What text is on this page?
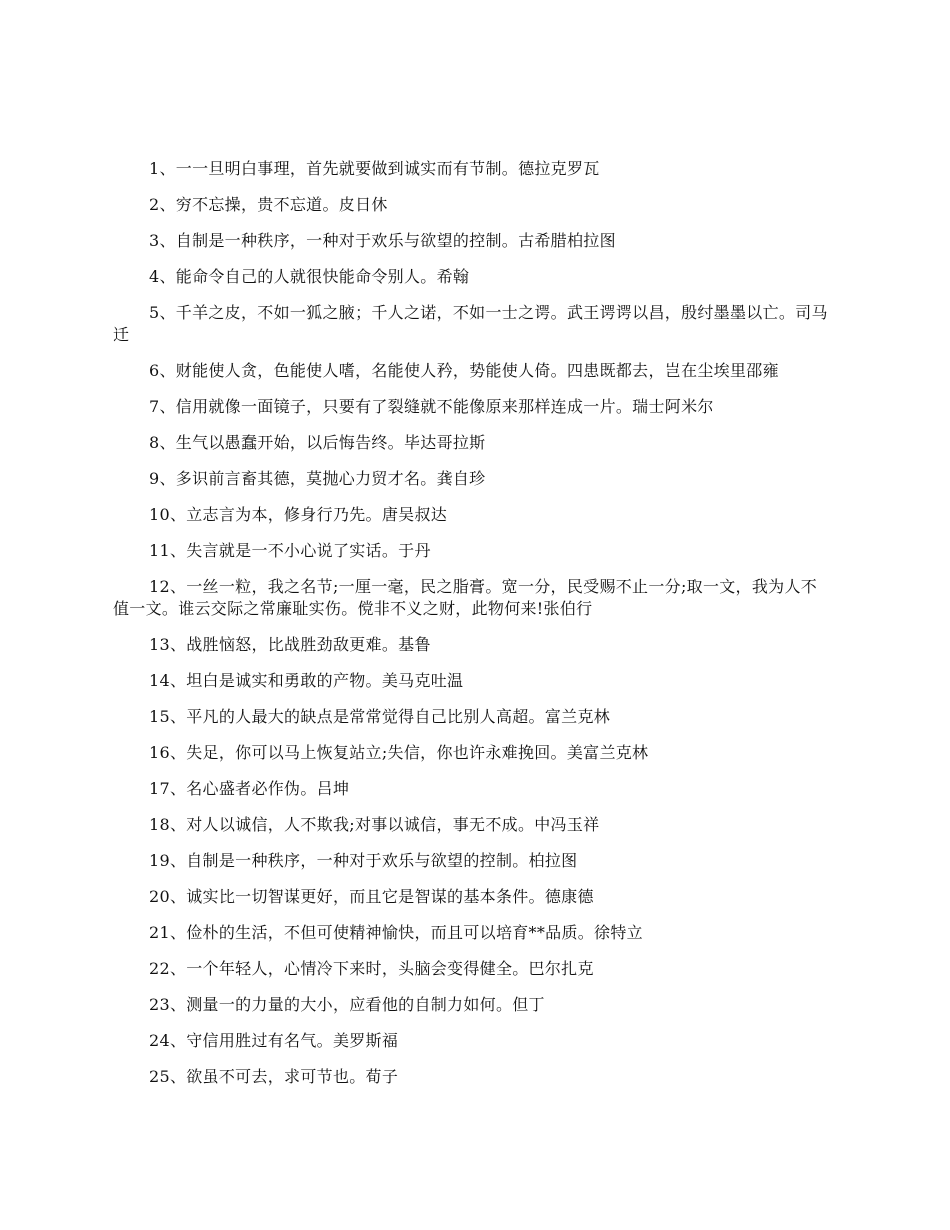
1、一一旦明白事理，首先就要做到诚实而有节制。德拉克罗瓦

2、穷不忘操，贵不忘道。皮日休

3、自制是一种秩序，一种对于欢乐与欲望的控制。古希腊柏拉图

4、能命令自己的人就很快能命令别人。希翰

5、千羊之皮，不如一狐之腋；千人之诺，不如一士之谔。武王谔谔以昌，殷纣墨墨以亡。司马迁

6、财能使人贪，色能使人嗜，名能使人矜，势能使人倚。四患既都去，岂在尘埃里邵雍

7、信用就像一面镜子，只要有了裂缝就不能像原来那样连成一片。瑞士阿米尔

8、生气以愚蠢开始，以后悔告终。毕达哥拉斯

9、多识前言畜其德，莫抛心力贸才名。龚自珍

10、立志言为本，修身行乃先。唐吴叔达

11、失言就是一不小心说了实话。于丹

12、一丝一粒，我之名节;一厘一毫，民之脂膏。宽一分，民受赐不止一分;取一文，我为人不值一文。谁云交际之常廉耻实伤。傥非不义之财，此物何来!张伯行

13、战胜恼怒，比战胜劲敌更难。基鲁

14、坦白是诚实和勇敢的产物。美马克吐温

15、平凡的人最大的缺点是常常觉得自己比别人高超。富兰克林

16、失足，你可以马上恢复站立;失信，你也许永难挽回。美富兰克林

17、名心盛者必作伪。吕坤

18、对人以诚信，人不欺我;对事以诚信，事无不成。中冯玉祥

19、自制是一种秩序，一种对于欢乐与欲望的控制。柏拉图

20、诚实比一切智谋更好，而且它是智谋的基本条件。德康德

21、俭朴的生活，不但可使精神愉快，而且可以培育**品质。徐特立

22、一个年轻人，心情冷下来时，头脑会变得健全。巴尔扎克

23、测量一的力量的大小，应看他的自制力如何。但丁

24、守信用胜过有名气。美罗斯福

25、欲虽不可去，求可节也。荀子
